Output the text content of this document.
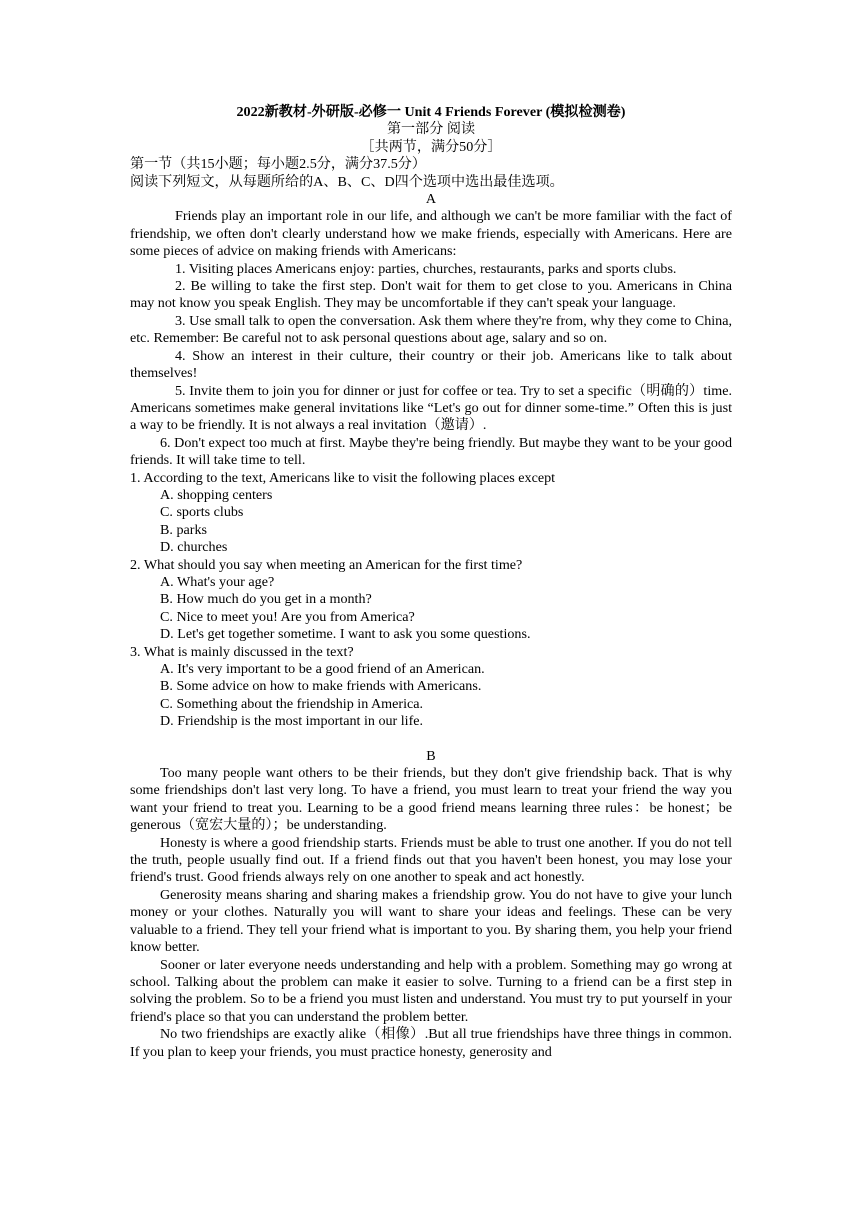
2022新教材-外研版-必修一 Unit 4 Friends Forever (模拟检测卷)

第一部分 阅读

［共两节，满分50分］

第一节（共15小题；每小题2.5分，满分37.5分）

阅读下列短文，从每题所给的A、B、C、D四个选项中选出最佳选项。

A

Friends play an important role in our life, and although we can't be more familiar with the fact of friendship, we often don't clearly understand how we make friends, especially with Americans. Here are some pieces of advice on making friends with Americans:

1. Visiting places Americans enjoy: parties, churches, restaurants, parks and sports clubs.

2. Be willing to take the first step. Don't wait for them to get close to you. Americans in China may not know you speak English. They may be uncomfortable if they can't speak your language.

3. Use small talk to open the conversation. Ask them where they're from, why they come to China, etc. Remember: Be careful not to ask personal questions about age, salary and so on.

4. Show an interest in their culture, their country or their job. Americans like to talk about themselves!

5. Invite them to join you for dinner or just for coffee or tea. Try to set a specific（明确的）time. Americans sometimes make general invitations like “Let's go out for dinner some-time.” Often this is just a way to be friendly. It is not always a real invitation（邀请）.

6. Don't expect too much at first. Maybe they're being friendly. But maybe they want to be your good friends. It will take time to tell.

1. According to the text, Americans like to visit the following places except

A. shopping centers

C. sports clubs

B. parks

D. churches

2. What should you say when meeting an American for the first time?

A. What's your age?

B. How much do you get in a month?

C. Nice to meet you! Are you from America?

D. Let's get together sometime. I want to ask you some questions.

3. What is mainly discussed in the text?

A. It's very important to be a good friend of an American.

B. Some advice on how to make friends with Americans.

C. Something about the friendship in America.

D. Friendship is the most important in our life.

B

Too many people want others to be their friends, but they don't give friendship back. That is why some friendships don't last very long. To have a friend, you must learn to treat your friend the way you want your friend to treat you. Learning to be a good friend means learning three rules：be honest；be generous（宽宏大量的）；be understanding.

Honesty is where a good friendship starts. Friends must be able to trust one another. If you do not tell the truth, people usually find out. If a friend finds out that you haven't been honest, you may lose your friend's trust. Good friends always rely on one another to speak and act honestly.

Generosity means sharing and sharing makes a friendship grow. You do not have to give your lunch money or your clothes. Naturally you will want to share your ideas and feelings. These can be very valuable to a friend. They tell your friend what is important to you. By sharing them, you help your friend know better.

Sooner or later everyone needs understanding and help with a problem. Something may go wrong at school. Talking about the problem can make it easier to solve. Turning to a friend can be a first step in solving the problem. So to be a friend you must listen and understand. You must try to put yourself in your friend's place so that you can understand the problem better.

No two friendships are exactly alike（相像）.But all true friendships have three things in common. If you plan to keep your friends, you must practice honesty, generosity and
